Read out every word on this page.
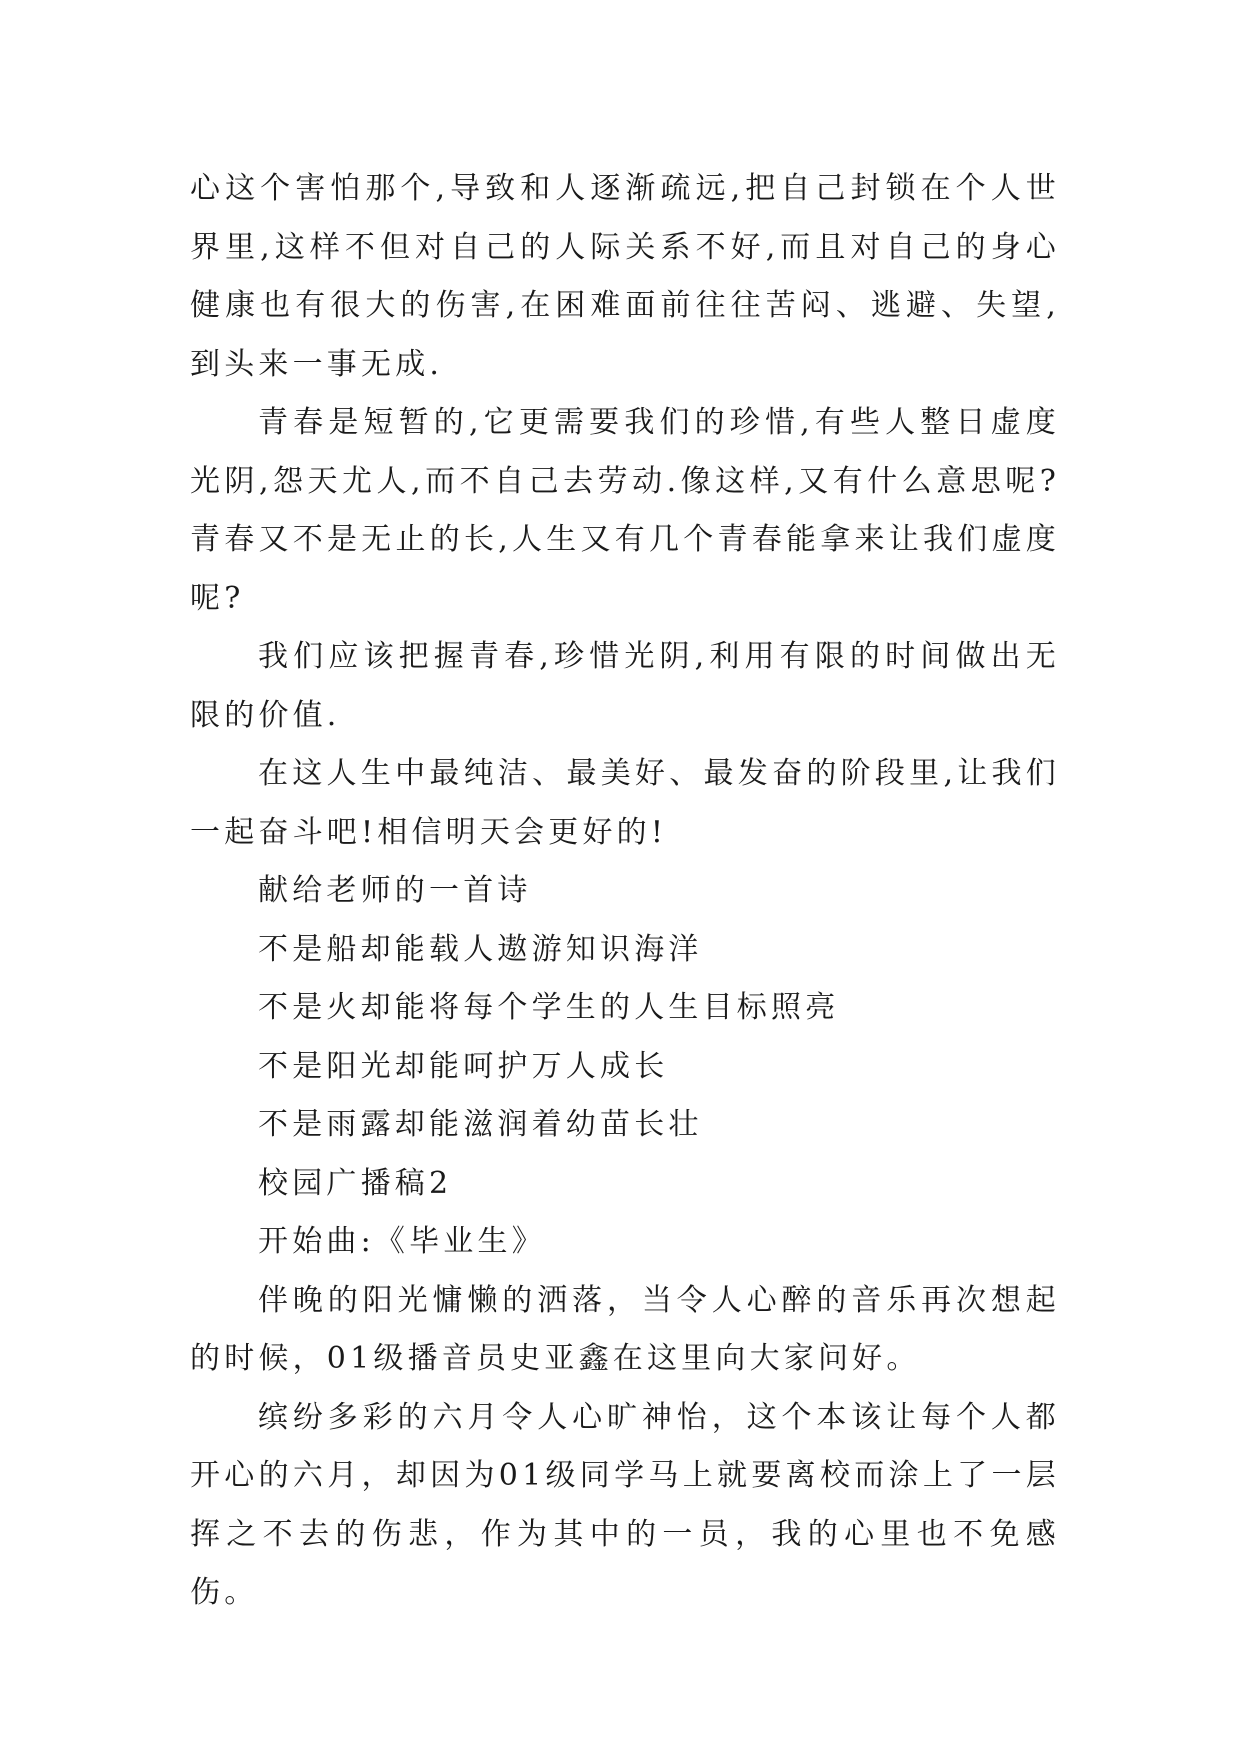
心这个害怕那个,导致和人逐渐疏远,把自己封锁在个人世界里,这样不但对自己的人际关系不好,而且对自己的身心健康也有很大的伤害,在困难面前往往苦闷、逃避、失望,到头来一事无成.

青春是短暂的,它更需要我们的珍惜,有些人整日虚度光阴,怨天尤人,而不自己去劳动.像这样,又有什么意思呢?青春又不是无止的长,人生又有几个青春能拿来让我们虚度呢?

我们应该把握青春,珍惜光阴,利用有限的时间做出无限的价值.

在这人生中最纯洁、最美好、最发奋的阶段里,让我们一起奋斗吧!相信明天会更好的!

献给老师的一首诗

不是船却能载人遨游知识海洋

不是火却能将每个学生的人生目标照亮

不是阳光却能呵护万人成长

不是雨露却能滋润着幼苗长壮

校园广播稿2

开始曲:《毕业生》

伴晚的阳光慵懒的洒落，当令人心醉的音乐再次想起的时候，01级播音员史亚鑫在这里向大家问好。

缤纷多彩的六月令人心旷神怡，这个本该让每个人都开心的六月，却因为01级同学马上就要离校而涂上了一层挥之不去的伤悲，作为其中的一员，我的心里也不免感伤。
